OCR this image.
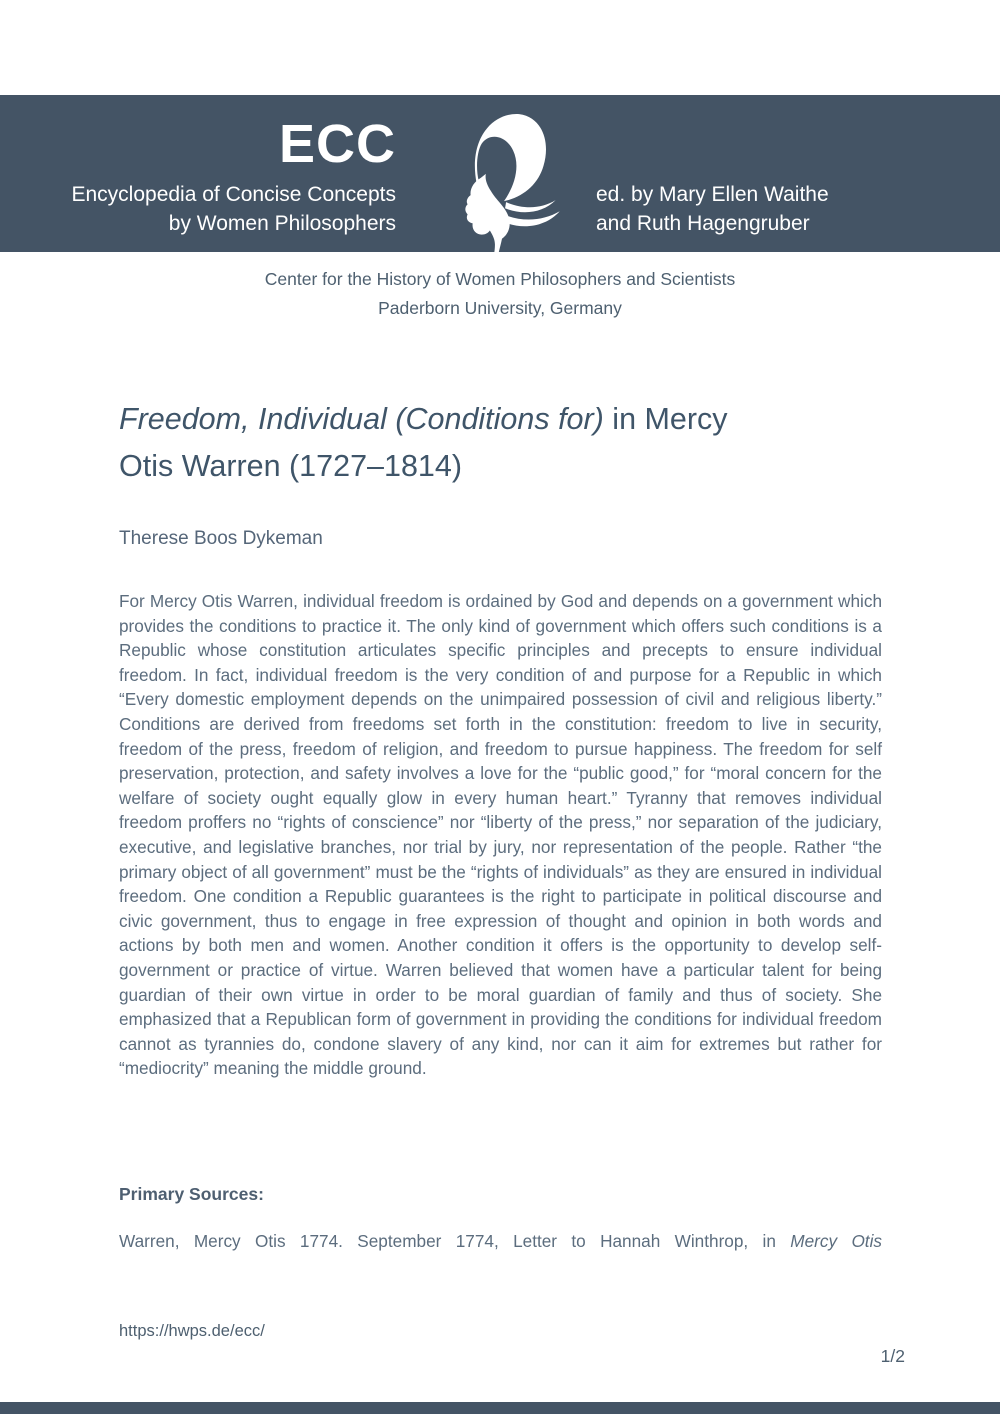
ECC
Encyclopedia of Concise Concepts
by Women Philosophers
ed. by Mary Ellen Waithe
and Ruth Hagengruber
Center for the History of Women Philosophers and Scientists
Paderborn University, Germany
Freedom, Individual (Conditions for) in Mercy
Otis Warren (1727–1814)
Therese Boos Dykeman

For Mercy Otis Warren, individual freedom is ordained by God and depends on a government which provides the conditions to practice it. The only kind of government which offers such conditions is a Republic whose constitution articulates specific principles and precepts to ensure individual freedom. In fact, individual freedom is the very condition of and purpose for a Republic in which “Every domestic employment depends on the unimpaired possession of civil and religious liberty.” Conditions are derived from freedoms set forth in the constitution: freedom to live in security, freedom of the press, freedom of religion, and freedom to pursue happiness. The freedom for self preservation, protection, and safety involves a love for the “public good,” for “moral concern for the welfare of society ought equally glow in every human heart.” Tyranny that removes individual freedom proffers no “rights of conscience” nor “liberty of the press,” nor separation of the judiciary, executive, and legislative branches, nor trial by jury, nor representation of the people. Rather “the primary object of all government” must be the “rights of individuals” as they are ensured in individual freedom. One condition a Republic guarantees is the right to participate in political discourse and civic government, thus to engage in free expression of thought and opinion in both words and actions by both men and women. Another condition it offers is the opportunity to develop self-government or practice of virtue. Warren believed that women have a particular talent for being guardian of their own virtue in order to be moral guardian of family and thus of society. She emphasized that a Republican form of government in providing the conditions for individual freedom cannot as tyrannies do, condone slavery of any kind, nor can it aim for extremes but rather for “mediocrity” meaning the middle ground.

Primary Sources:

Warren, Mercy Otis 1774. September 1774, Letter to Hannah Winthrop, in Mercy Otis

https://hwps.de/ecc/
1/2
